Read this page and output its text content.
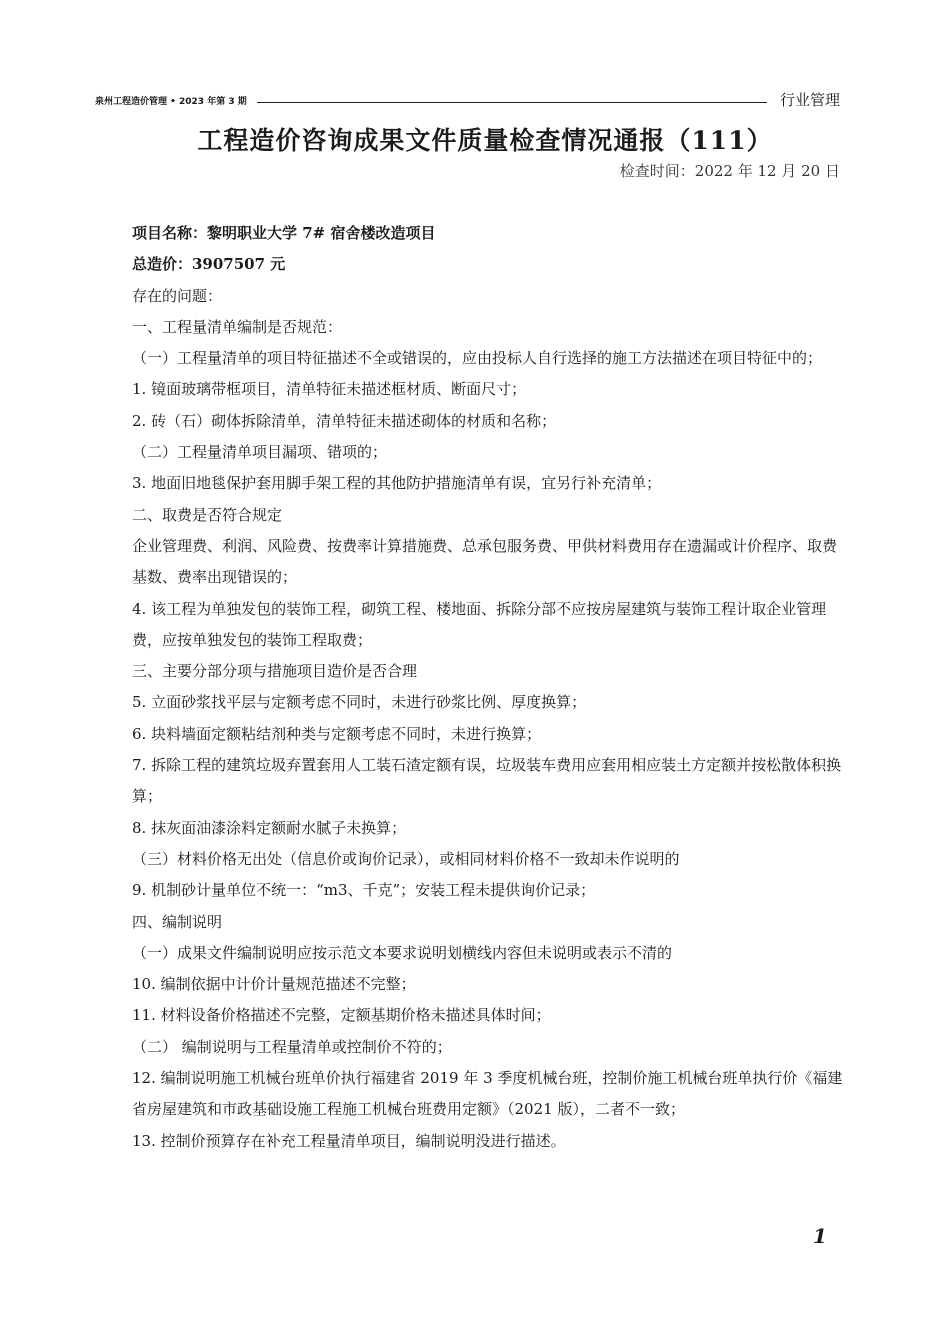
泉州工程造价管理 • 2023 年第 3 期	行业管理
工程造价咨询成果文件质量检查情况通报（111）
检查时间：2022 年 12 月 20 日

项目名称：黎明职业大学 7# 宿舍楼改造项目

总造价：3907507 元

存在的问题：

一、工程量清单编制是否规范：

（一）工程量清单的项目特征描述不全或错误的，应由投标人自行选择的施工方法描述在项目特征中的；

1. 镜面玻璃带框项目，清单特征未描述框材质、断面尺寸；

2. 砖（石）砌体拆除清单，清单特征未描述砌体的材质和名称；

（二）工程量清单项目漏项、错项的；

3. 地面旧地毯保护套用脚手架工程的其他防护措施清单有误，宜另行补充清单；

二、取费是否符合规定

企业管理费、利润、风险费、按费率计算措施费、总承包服务费、甲供材料费用存在遗漏或计价程序、取费基数、费率出现错误的；

4. 该工程为单独发包的装饰工程，砌筑工程、楼地面、拆除分部不应按房屋建筑与装饰工程计取企业管理费，应按单独发包的装饰工程取费；

三、主要分部分项与措施项目造价是否合理

5. 立面砂浆找平层与定额考虑不同时，未进行砂浆比例、厚度换算；

6. 块料墙面定额粘结剂种类与定额考虑不同时，未进行换算；

7. 拆除工程的建筑垃圾弃置套用人工装石渣定额有误，垃圾装车费用应套用相应装土方定额并按松散体积换算；

8. 抹灰面油漆涂料定额耐水腻子未换算；

（三）材料价格无出处（信息价或询价记录），或相同材料价格不一致却未作说明的

9. 机制砂计量单位不统一：“m3、千克”；安装工程未提供询价记录；

四、编制说明

（一）成果文件编制说明应按示范文本要求说明划横线内容但未说明或表示不清的

10. 编制依据中计价计量规范描述不完整；

11. 材料设备价格描述不完整，定额基期价格未描述具体时间；

（二） 编制说明与工程量清单或控制价不符的；

12. 编制说明施工机械台班单价执行福建省 2019 年 3 季度机械台班，控制价施工机械台班单执行价《福建省房屋建筑和市政基础设施工程施工机械台班费用定额》（2021 版），二者不一致；

13. 控制价预算存在补充工程量清单项目，编制说明没进行描述。

1
